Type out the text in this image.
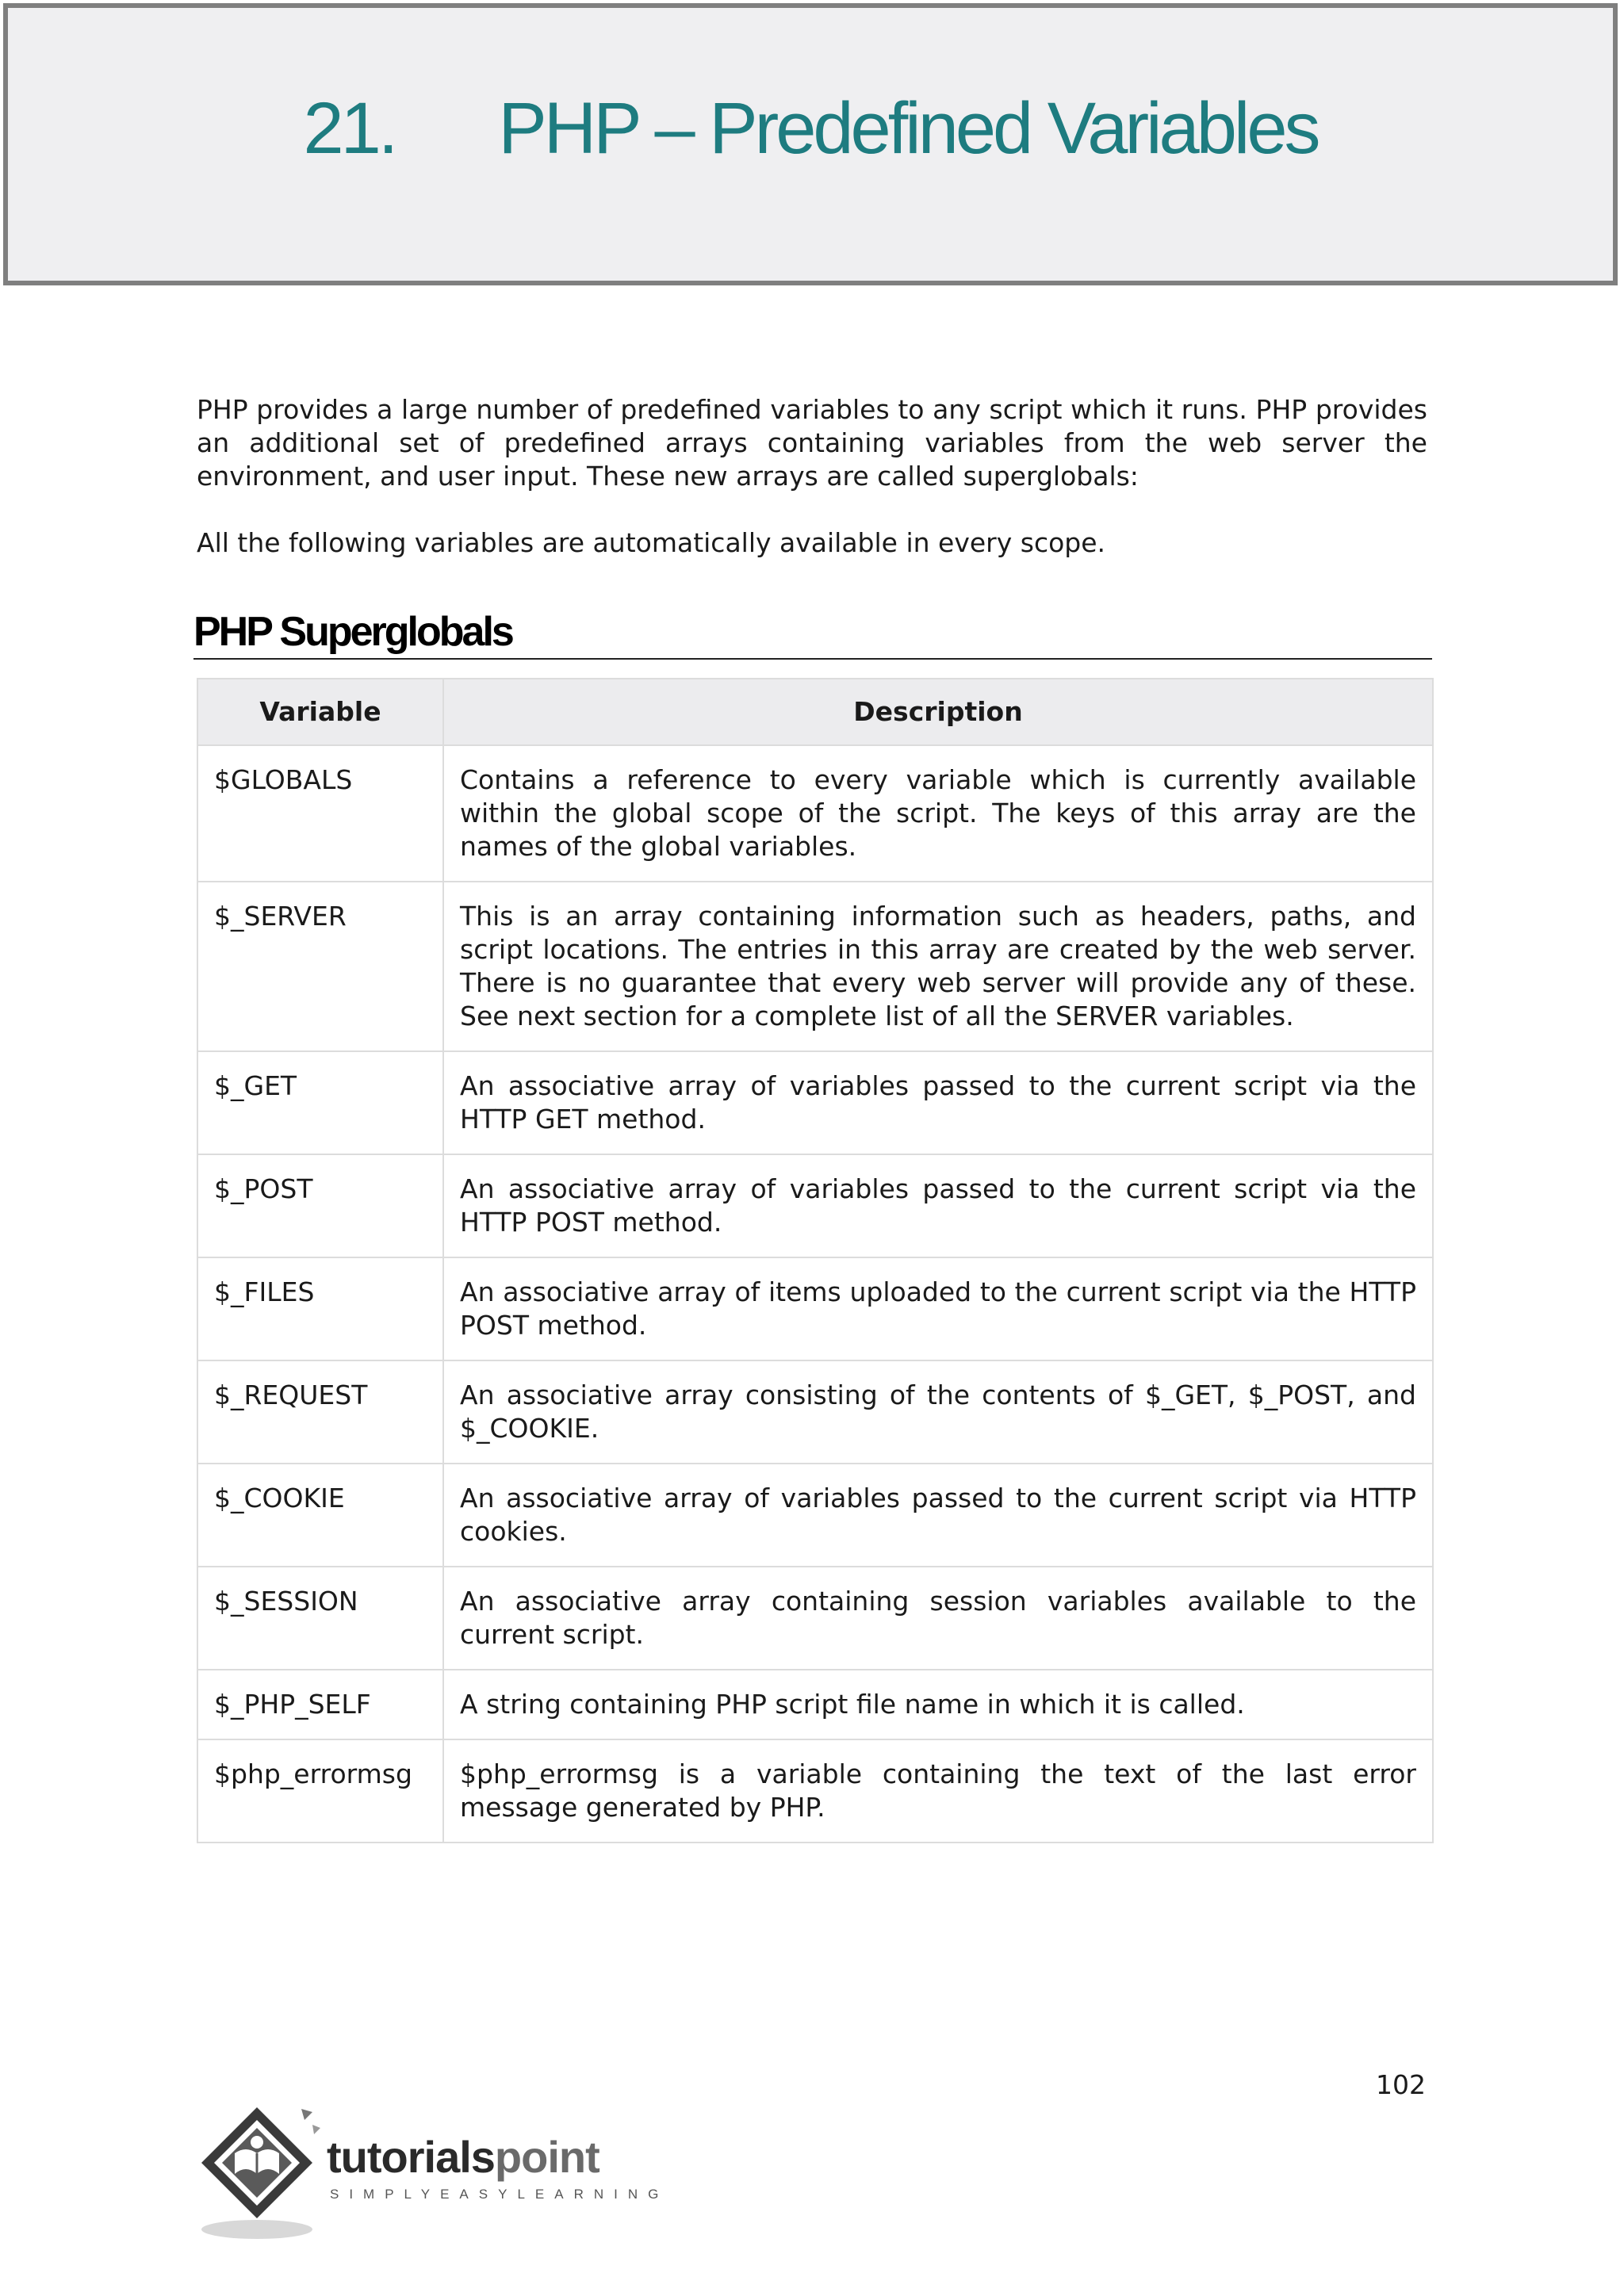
21. PHP – Predefined Variables

PHP provides a large number of predefined variables to any script which it runs. PHP provides an additional set of predefined arrays containing variables from the web server the environment, and user input. These new arrays are called superglobals:

All the following variables are automatically available in every scope.

PHP Superglobals
Variable	Description
$GLOBALS	Contains a reference to every variable which is currently available within the global scope of the script. The keys of this array are the names of the global variables.
$_SERVER	This is an array containing information such as headers, paths, and script locations. The entries in this array are created by the web server. There is no guarantee that every web server will provide any of these. See next section for a complete list of all the SERVER variables.
$_GET	An associative array of variables passed to the current script via the HTTP GET method.
$_POST	An associative array of variables passed to the current script via the HTTP POST method.
$_FILES	An associative array of items uploaded to the current script via the HTTP POST method.
$_REQUEST	An associative array consisting of the contents of $_GET, $_POST, and $_COOKIE.
$_COOKIE	An associative array of variables passed to the current script via HTTP cookies.
$_SESSION	An associative array containing session variables available to the current script.
$_PHP_SELF	A string containing PHP script file name in which it is called.
$php_errormsg	$php_errormsg is a variable containing the text of the last error message generated by PHP.
102
tutorialspoint
SIMPLYEASYLEARNING
